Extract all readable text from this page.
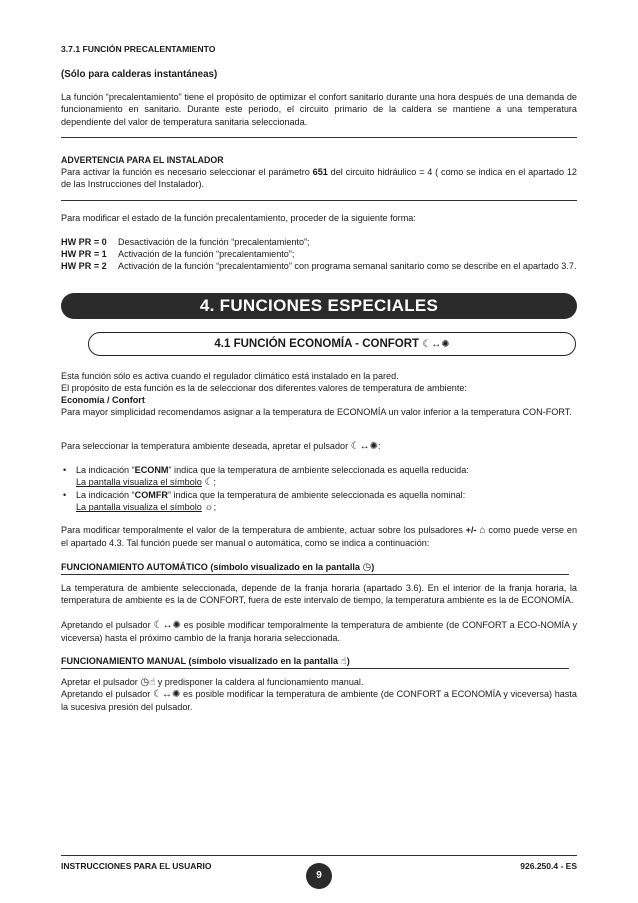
3.7.1 FUNCIÓN PRECALENTAMIENTO
(Sólo para calderas instantáneas)
La función “precalentamiento” tiene el propósito de optimizar el confort sanitario durante una hora después de una demanda de funcionamiento en sanitario. Durante este periodo, el circuito primario de la caldera se mantiene a una temperatura dependiente del valor de temperatura sanitaria seleccionada.
ADVERTENCIA PARA EL INSTALADOR
Para activar la función es necesario seleccionar el parámetro 651 del circuito hidráulico = 4 ( como se indica en el apartado 12 de las Instrucciones del Instalador).
Para modificar el estado de la función precalentamiento, proceder de la siguiente forma:
HW PR = 0	Desactivación de la función “precalentamiento”;
HW PR = 1	Activación de la función “precalentamiento”;
HW PR = 2	Activación de la función “precalentamiento” con programa semanal sanitario como se describe en el apartado 3.7.
4. FUNCIONES ESPECIALES
4.1 FUNCIÓN ECONOMÍA - CONFORT ☾↔✺
Esta función sólo es activa cuando el regulador climático está instalado en la pared.
El propósito de esta función es la de seleccionar dos diferentes valores de temperatura de ambiente:
Economía / Confort
Para mayor simplicidad recomendamos asignar a la temperatura de ECONOMÍA un valor inferior a la temperatura CON-FORT.
Para seleccionar la temperatura ambiente deseada, apretar el pulsador ☾↔✺:
• La indicación “ECONM” indica que la temperatura de ambiente seleccionada es aquella reducida:
La pantalla visualiza el símbolo ☾;
• La indicación “COMFR” indica que la temperatura de ambiente seleccionada es aquella nominal:
La pantalla visualiza el símbolo ☼;
Para modificar temporalmente el valor de la temperatura de ambiente, actuar sobre los pulsadores +/- ⌂ como puede verse en el apartado 4.3. Tal función puede ser manual o automática, como se indica a continuación:
FUNCIONAMIENTO AUTOMÁTICO (símbolo visualizado en la pantalla ◷)
La temperatura de ambiente seleccionada, depende de la franja horaria (apartado 3.6). En el interior de la franja horaria, la temperatura de ambiente es la de CONFORT, fuera de este intervalo de tiempo, la temperatura ambiente es la de ECONOMÍA.
Apretando el pulsador ☾↔✺ es posible modificar temporalmente la temperatura de ambiente (de CONFORT a ECO-NOMÍA y viceversa) hasta el próximo cambio de la franja horaria seleccionada.
FUNCIONAMIENTO MANUAL (símbolo visualizado en la pantalla ☝)
Apretar el pulsador ◷☝ y predisponer la caldera al funcionamiento manual.
Apretando el pulsador ☾↔✺ es posible modificar la temperatura de ambiente (de CONFORT a ECONOMÍA y viceversa) hasta la sucesiva presión del pulsador.
INSTRUCCIONES PARA EL USUARIO
9
926.250.4 - ES
